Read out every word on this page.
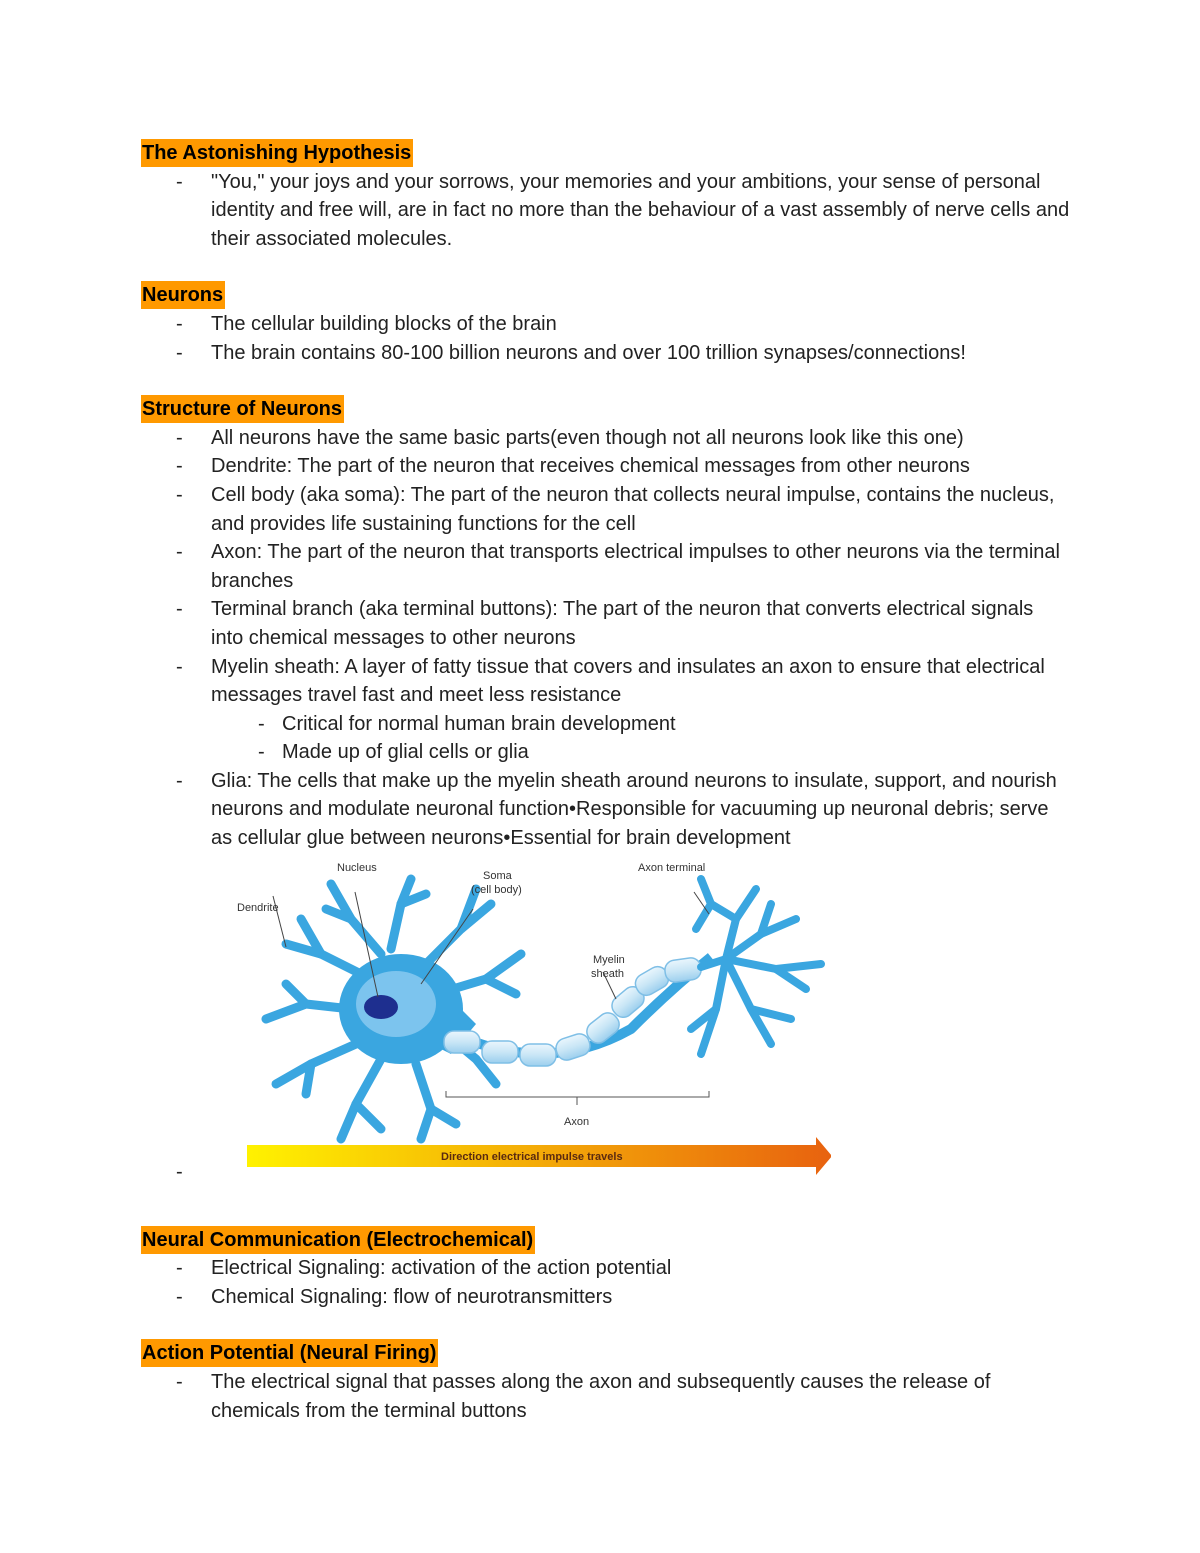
The Astonishing Hypothesis
- "You," your joys and your sorrows, your memories and your ambitions, your sense of personal identity and free will, are in fact no more than the behaviour of a vast assembly of nerve cells and their associated molecules.
Neurons
- The cellular building blocks of the brain
- The brain contains 80-100 billion neurons and over 100 trillion synapses/connections!
Structure of Neurons
- All neurons have the same basic parts(even though not all neurons look like this one)
- Dendrite: The part of the neuron that receives chemical messages from other neurons
- Cell body (aka soma): The part of the neuron that collects neural impulse, contains the nucleus, and provides life sustaining functions for the cell
- Axon: The part of the neuron that transports electrical impulses to other neurons via the terminal branches
- Terminal branch (aka terminal buttons): The part of the neuron that converts electrical signals into chemical messages to other neurons
- Myelin sheath: A layer of fatty tissue that covers and insulates an axon to ensure that electrical messages travel fast and meet less resistance
- Critical for normal human brain development
- Made up of glial cells or glia
- Glia: The cells that make up the myelin sheath around neurons to insulate, support, and nourish neurons and modulate neuronal function•Responsible for vacuuming up neuronal debris; serve as cellular glue between neurons•Essential for brain development
-
Dendrite
Nucleus
Soma
(cell body)
Axon terminal
Myelin
sheath
Axon
Direction electrical impulse travels
Neural Communication (Electrochemical)
- Electrical Signaling: activation of the action potential
- Chemical Signaling: flow of neurotransmitters
Action Potential (Neural Firing)
- The electrical signal that passes along the axon and subsequently causes the release of chemicals from the terminal buttons
